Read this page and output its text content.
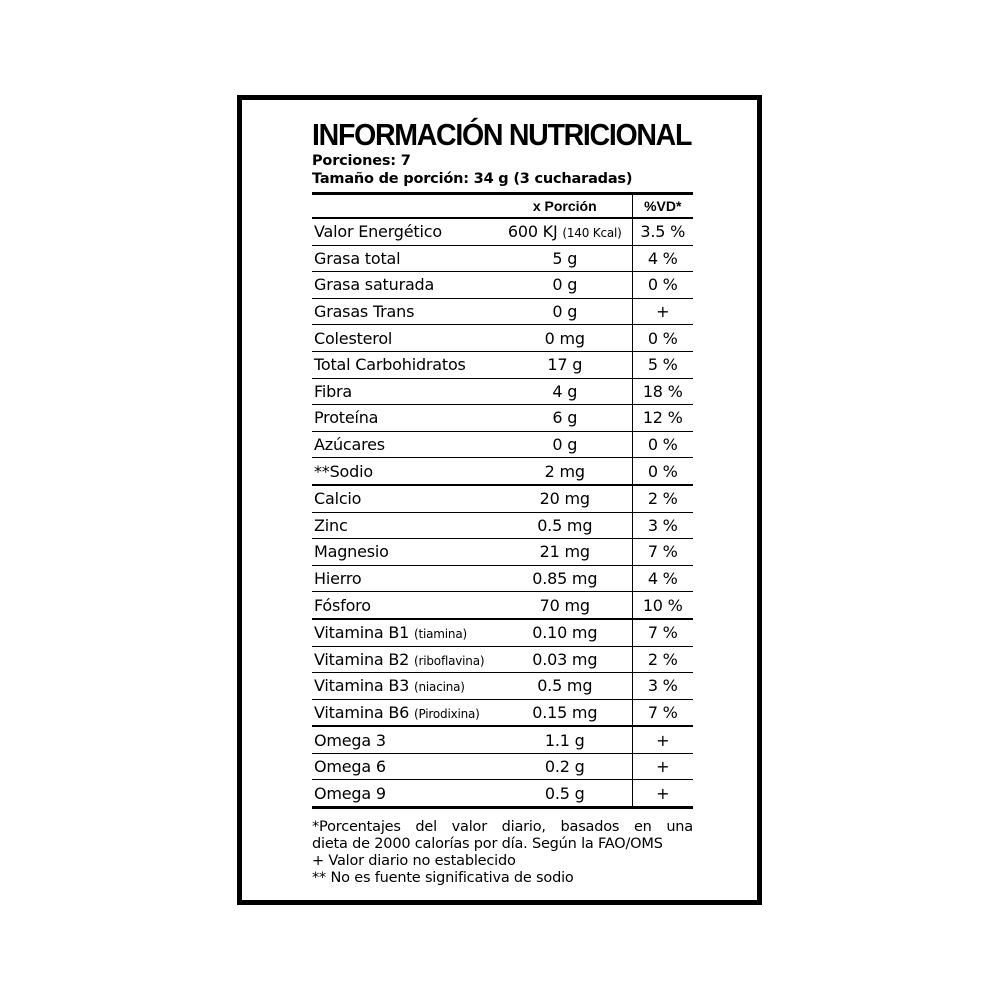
INFORMACIÓN NUTRICIONAL
Porciones: 7
Tamaño de porción: 34 g (3 cucharadas)
	x Porción	%VD*
Valor Energético	600 KJ (140 Kcal)	3.5 %
Grasa total	5 g	4 %
Grasa saturada	0 g	0 %
Grasas Trans	0 g	+
Colesterol	0 mg	0 %
Total Carbohidratos	17 g	5 %
Fibra	4 g	18 %
Proteína	6 g	12 %
Azúcares	0 g	0 %
**Sodio	2 mg	0 %
Calcio	20 mg	2 %
Zinc	0.5 mg	3 %
Magnesio	21 mg	7 %
Hierro	0.85 mg	4 %
Fósforo	70 mg	10 %
Vitamina B1 (tiamina)	0.10 mg	7 %
Vitamina B2 (riboflavina)	0.03 mg	2 %
Vitamina B3 (niacina)	0.5 mg	3 %
Vitamina B6 (Pirodixina)	0.15 mg	7 %
Omega 3	1.1 g	+
Omega 6	0.2 g	+
Omega 9	0.5 g	+
*Porcentajes del valor diario, basados en una
dieta de 2000 calorías por día. Según la FAO/OMS
+ Valor diario no establecido
** No es fuente significativa de sodio
